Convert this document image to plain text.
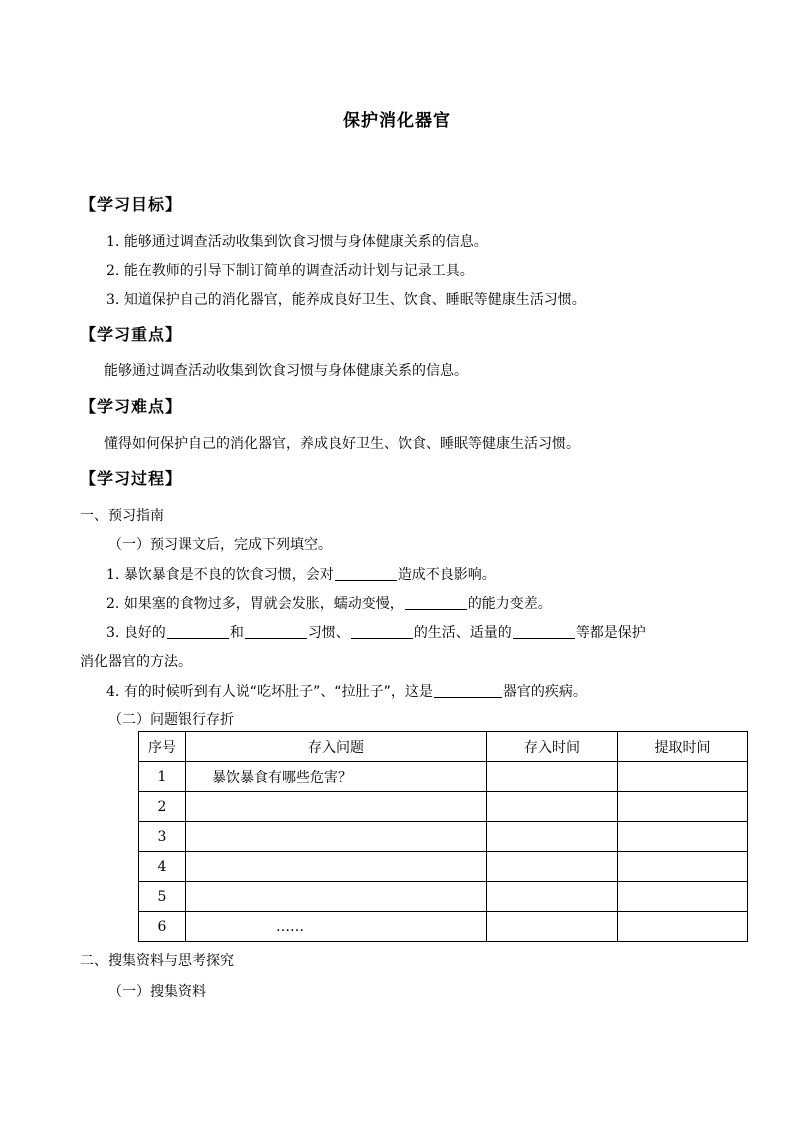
保护消化器官
【学习目标】
1. 能够通过调查活动收集到饮食习惯与身体健康关系的信息。
2. 能在教师的引导下制订简单的调查活动计划与记录工具。
3. 知道保护自己的消化器官，能养成良好卫生、饮食、睡眠等健康生活习惯。
【学习重点】
能够通过调查活动收集到饮食习惯与身体健康关系的信息。
【学习难点】
懂得如何保护自己的消化器官，养成良好卫生、饮食、睡眠等健康生活习惯。
【学习过程】
一、预习指南
（一）预习课文后，完成下列填空。
1. 暴饮暴食是不良的饮食习惯，会对	造成不良影响。
2. 如果塞的食物过多，胃就会发胀，蠕动变慢，	的能力变差。
3. 良好的	和	习惯、	的生活、适量的	等都是保护
消化器官的方法。
4. 有的时候听到有人说“吃坏肚子”、“拉肚子”，这是	器官的疾病。
（二）问题银行存折
序号	存入问题	存入时间	提取时间
1	暴饮暴食有哪些危害？		
2			
3			
4			
5			
6	……		
二、搜集资料与思考探究
（一）搜集资料
